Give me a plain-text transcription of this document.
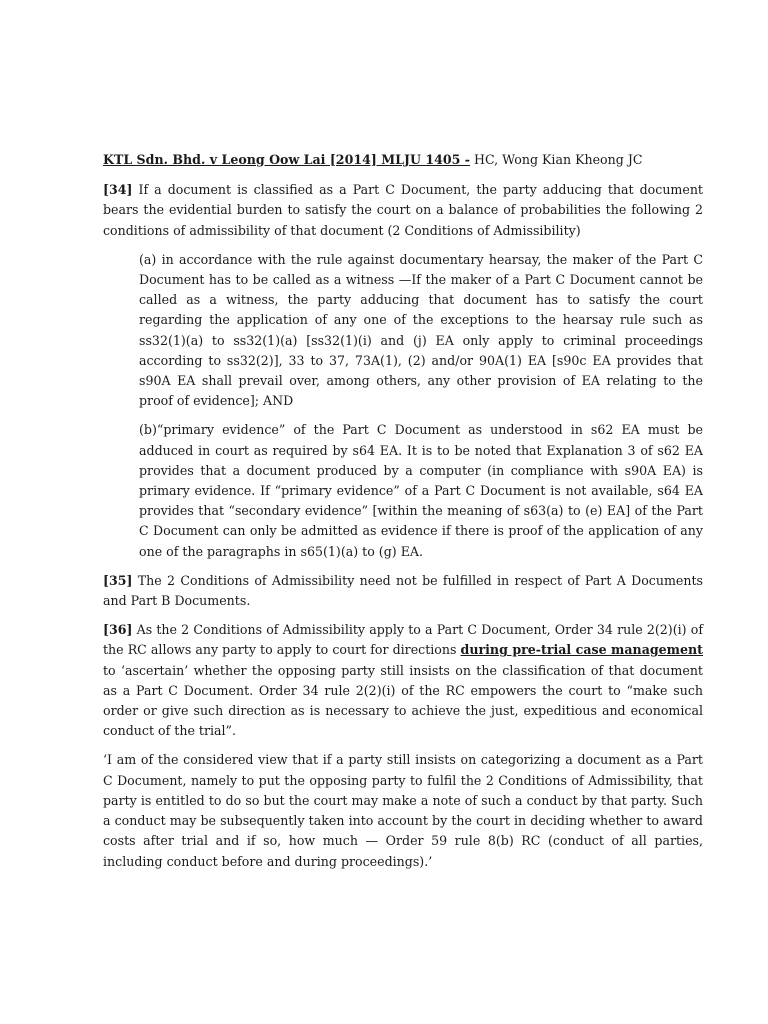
KTL Sdn. Bhd. v Leong Oow Lai [2014] MLJU 1405 - HC, Wong Kian Kheong JC

[34] If a document is classified as a Part C Document, the party adducing that document bears the evidential burden to satisfy the court on a balance of probabilities the following 2 conditions of admissibility of that document (2 Conditions of Admissibility)

(a) in accordance with the rule against documentary hearsay, the maker of the Part C Document has to be called as a witness —If the maker of a Part C Document cannot be called as a witness, the party adducing that document has to satisfy the court regarding the application of any one of the exceptions to the hearsay rule such as ss32(1)(a) to ss32(1)(a) [ss32(1)(i) and (j) EA only apply to criminal proceedings according to ss32(2)], 33 to 37, 73A(1), (2) and/or 90A(1) EA [s90c EA provides that s90A EA shall prevail over, among others, any other provision of EA relating to the proof of evidence]; AND

(b)“primary evidence” of the Part C Document as understood in s62 EA must be adduced in court as required by s64 EA. It is to be noted that Explanation 3 of s62 EA provides that a document produced by a computer (in compliance with s90A EA) is primary evidence. If “primary evidence” of a Part C Document is not available, s64 EA provides that “secondary evidence” [within the meaning of s63(a) to (e) EA] of the Part C Document can only be admitted as evidence if there is proof of the application of any one of the paragraphs in s65(1)(a) to (g) EA.

[35] The 2 Conditions of Admissibility need not be fulfilled in respect of Part A Documents and Part B Documents.

[36] As the 2 Conditions of Admissibility apply to a Part C Document, Order 34 rule 2(2)(i) of the RC allows any party to apply to court for directions during pre-trial case management to ‘ascertain’ whether the opposing party still insists on the classification of that document as a Part C Document. Order 34 rule 2(2)(i) of the RC empowers the court to “make such order or give such direction as is necessary to achieve the just, expeditious and economical conduct of the trial”.

‘I am of the considered view that if a party still insists on categorizing a document as a Part C Document, namely to put the opposing party to fulfil the 2 Conditions of Admissibility, that party is entitled to do so but the court may make a note of such a conduct by that party. Such a conduct may be subsequently taken into account by the court in deciding whether to award costs after trial and if so, how much — Order 59 rule 8(b) RC (conduct of all parties, including conduct before and during proceedings).’
